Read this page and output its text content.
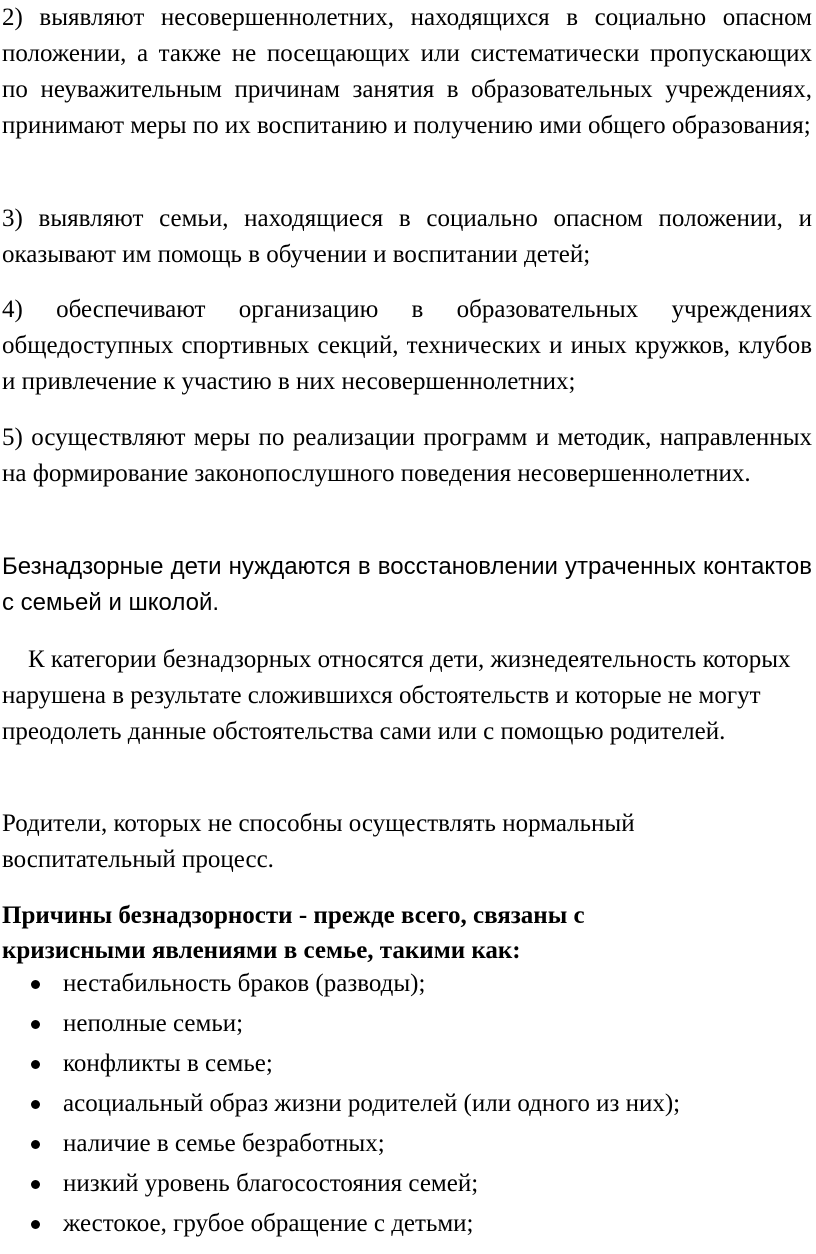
2) выявляют несовершеннолетних, находящихся в социально опасном положении, а также не посещающих или систематически пропускающих по неуважительным причинам занятия в образовательных учреждениях, принимают меры по их воспитанию и получению ими общего образования;

3) выявляют семьи, находящиеся в социально опасном положении, и оказывают им помощь в обучении и воспитании детей;

4) обеспечивают организацию в образовательных учреждениях общедоступных спортивных секций, технических и иных кружков, клубов и привлечение к участию в них несовершеннолетних;

5) осуществляют меры по реализации программ и методик, направленных на формирование законопослушного поведения несовершеннолетних.

Безнадзорные дети нуждаются в восстановлении утраченных контактов с семьей и школой.

К категории безнадзорных относятся дети, жизнедеятельность которых нарушена в результате сложившихся обстоятельств и которые не могут преодолеть данные обстоятельства сами или с помощью родителей.

Родители, которых не способны осуществлять нормальный воспитательный процесс.

Причины безнадзорности - прежде всего, связаны с кризисными явлениями в семье, такими как:

нестабильность браков (разводы);
неполные семьи;
конфликты в семье;
асоциальный образ жизни родителей (или одного из них);
наличие в семье безработных;
низкий уровень благосостояния семей;
жестокое, грубое обращение с детьми;
